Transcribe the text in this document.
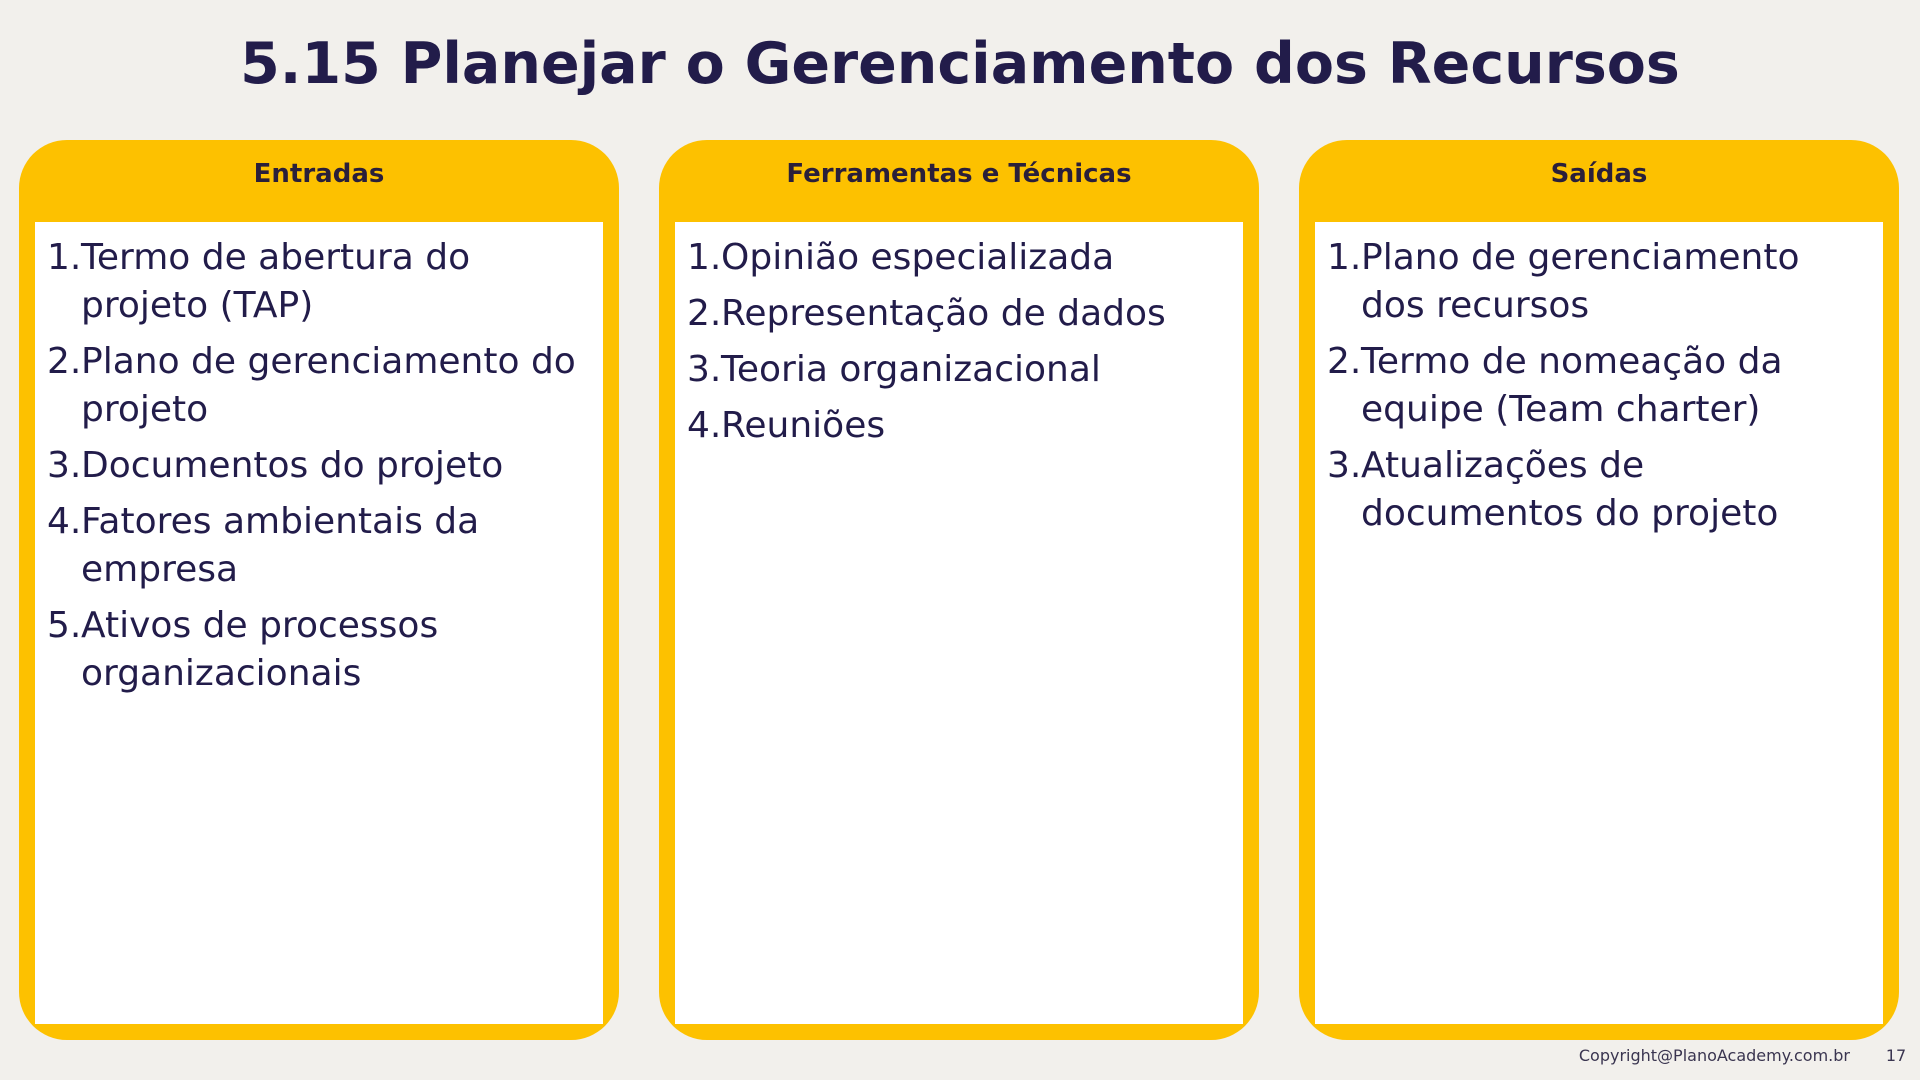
5.15 Planejar o Gerenciamento dos Recursos
Entradas
1. Termo de abertura do projeto (TAP)
2. Plano de gerenciamento do projeto
3. Documentos do projeto
4. Fatores ambientais da empresa
5. Ativos de processos organizacionais
Ferramentas e Técnicas
1. Opinião especializada
2. Representação de dados
3. Teoria organizacional
4. Reuniões
Saídas
1. Plano de gerenciamento dos recursos
2. Termo de nomeação da equipe (Team charter)
3. Atualizações de documentos do projeto
Copyright@PlanoAcademy.com.br	17
